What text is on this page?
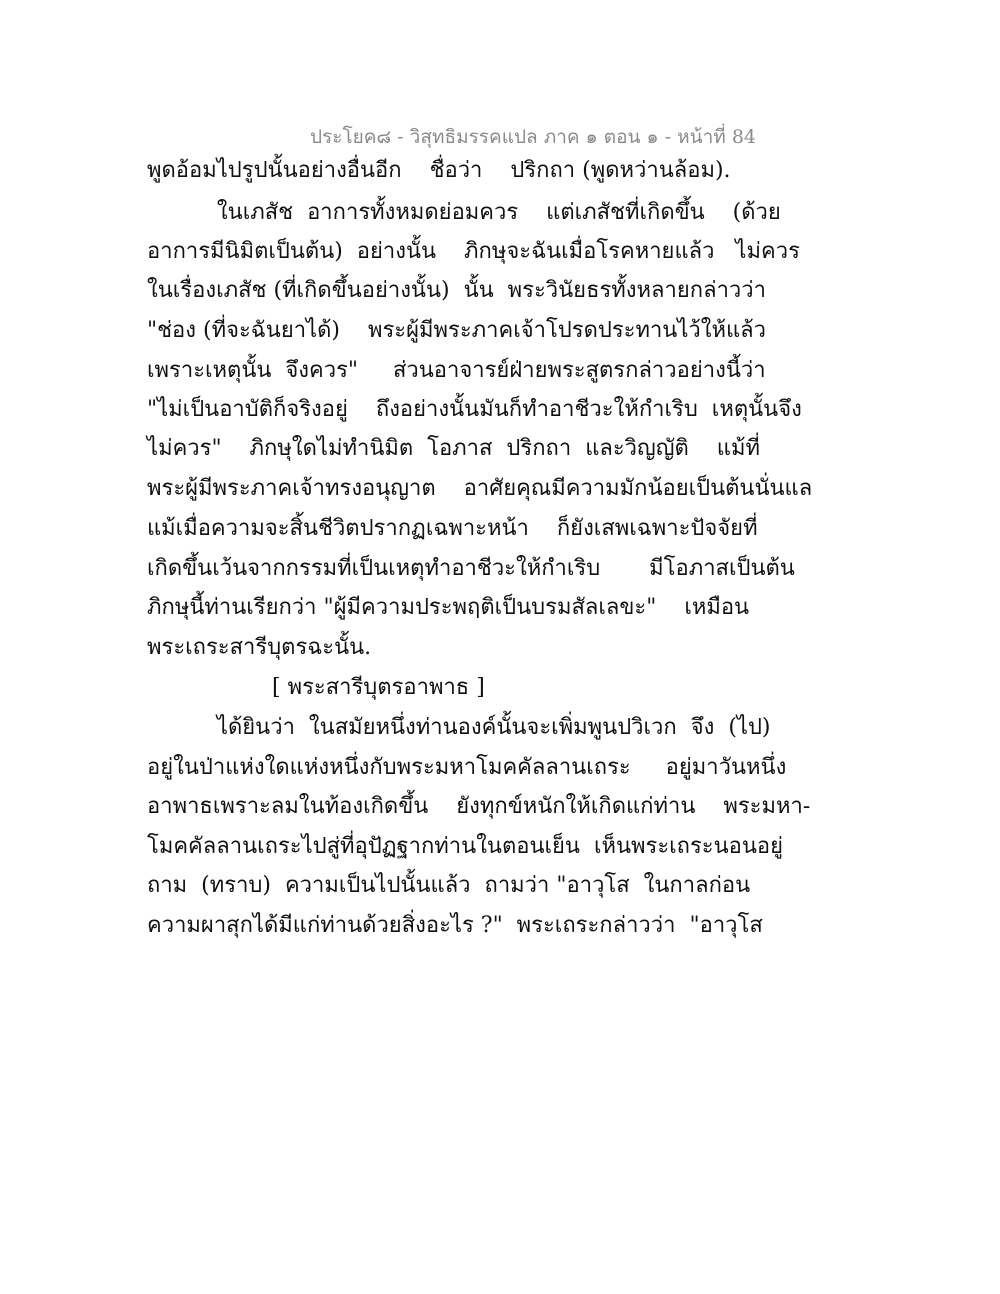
ประโยค๘ - วิสุทธิมรรคแปล ภาค ๑ ตอน ๑ - หน้าที่ 84
พูดอ้อมไปรูปนั้นอย่างอื่นอีก    ชื่อว่า    ปริกถา (พูดหว่านล้อม).
ในเภสัช  อาการทั้งหมดย่อมควร    แต่เภสัชที่เกิดขึ้น    (ด้วย
อาการมีนิมิตเป็นต้น)  อย่างนั้น    ภิกษุจะฉันเมื่อโรคหายแล้ว   ไม่ควร
ในเรื่องเภสัช (ที่เกิดขึ้นอย่างนั้น)  นั้น  พระวินัยธรทั้งหลายกล่าวว่า
"ช่อง (ที่จะฉันยาได้)    พระผู้มีพระภาคเจ้าโปรดประทานไว้ให้แล้ว
เพราะเหตุนั้น  จึงควร"     ส่วนอาจารย์ฝ่ายพระสูตรกล่าวอย่างนี้ว่า
"ไม่เป็นอาบัติก็จริงอยู่    ถึงอย่างนั้นมันก็ทำอาชีวะให้กำเริบ  เหตุนั้นจึง
ไม่ควร"    ภิกษุใดไม่ทำนิมิต  โอภาส  ปริกถา  และวิญญัติ    แม้ที่
พระผู้มีพระภาคเจ้าทรงอนุญาต    อาศัยคุณมีความมักน้อยเป็นต้นนั่นแล
แม้เมื่อความจะสิ้นชีวิตปรากฏเฉพาะหน้า    ก็ยังเสพเฉพาะปัจจัยที่
เกิดขึ้นเว้นจากกรรมที่เป็นเหตุทำอาชีวะให้กำเริบ       มีโอภาสเป็นต้น
ภิกษุนี้ท่านเรียกว่า "ผู้มีความประพฤติเป็นบรมสัลเลขะ"    เหมือน
พระเถระสารีบุตรฉะนั้น.
[ พระสารีบุตรอาพาธ ]
ได้ยินว่า  ในสมัยหนึ่งท่านองค์นั้นจะเพิ่มพูนปวิเวก  จึง  (ไป)
อยู่ในป่าแห่งใดแห่งหนึ่งกับพระมหาโมคคัลลานเถระ     อยู่มาวันหนึ่ง
อาพาธเพราะลมในท้องเกิดขึ้น    ยังทุกข์หนักให้เกิดแก่ท่าน    พระมหา-
โมคคัลลานเถระไปสู่ที่อุปัฏฐากท่านในตอนเย็น  เห็นพระเถระนอนอยู่
ถาม  (ทราบ)  ความเป็นไปนั้นแล้ว  ถามว่า "อาวุโส  ในกาลก่อน
ความผาสุกได้มีแก่ท่านด้วยสิ่งอะไร ?"  พระเถระกล่าวว่า  "อาวุโส
